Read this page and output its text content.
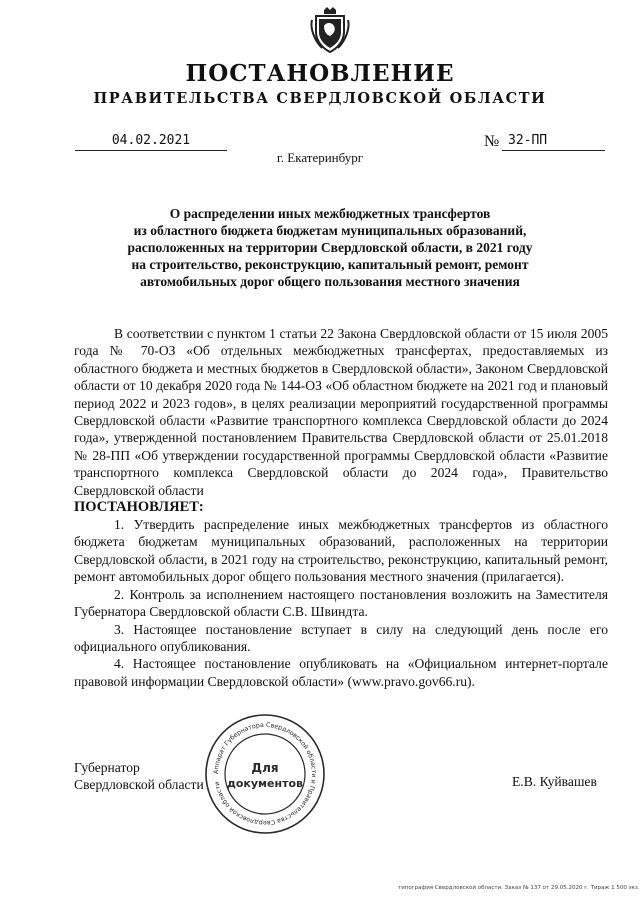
ПОСТАНОВЛЕНИЕ
ПРАВИТЕЛЬСТВА СВЕРДЛОВСКОЙ ОБЛАСТИ
04.02.2021	№ 32-ПП
г. Екатеринбург
О распределении иных межбюджетных трансфертов
из областного бюджета бюджетам муниципальных образований,
расположенных на территории Свердловской области, в 2021 году
на строительство, реконструкцию, капитальный ремонт, ремонт
автомобильных дорог общего пользования местного значения

В соответствии с пунктом 1 статьи 22 Закона Свердловской области от 15 июля 2005 года № 70-ОЗ «Об отдельных межбюджетных трансфертах, предоставляемых из областного бюджета и местных бюджетов в Свердловской области», Законом Свердловской области от 10 декабря 2020 года № 144-ОЗ «Об областном бюджете на 2021 год и плановый период 2022 и 2023 годов», в целях реализации мероприятий государственной программы Свердловской области «Развитие транспортного комплекса Свердловской области до 2024 года», утвержденной постановлением Правительства Свердловской области от 25.01.2018 № 28-ПП «Об утверждении государственной программы Свердловской области «Развитие транспортного комплекса Свердловской области до 2024 года», Правительство Свердловской области

ПОСТАНОВЛЯЕТ:

1. Утвердить распределение иных межбюджетных трансфертов из областного бюджета бюджетам муниципальных образований, расположенных на территории Свердловской области, в 2021 году на строительство, реконструкцию, капитальный ремонт, ремонт автомобильных дорог общего пользования местного значения (прилагается).

2. Контроль за исполнением настоящего постановления возложить на Заместителя Губернатора Свердловской области С.В. Швиндта.

3. Настоящее постановление вступает в силу на следующий день после его официального опубликования.

4. Настоящее постановление опубликовать на «Официальном интернет-портале правовой информации Свердловской области» (www.pravo.gov66.ru).

Губернатор
Свердловской области	Е.В. Куйвашев
Аппарат Губернатора Свердловской области и Правительства Свердловской области
Для
документов
типография Свердловской области. Заказ № 137 от 29.05.2020 г. Тираж 1 500 экз.
